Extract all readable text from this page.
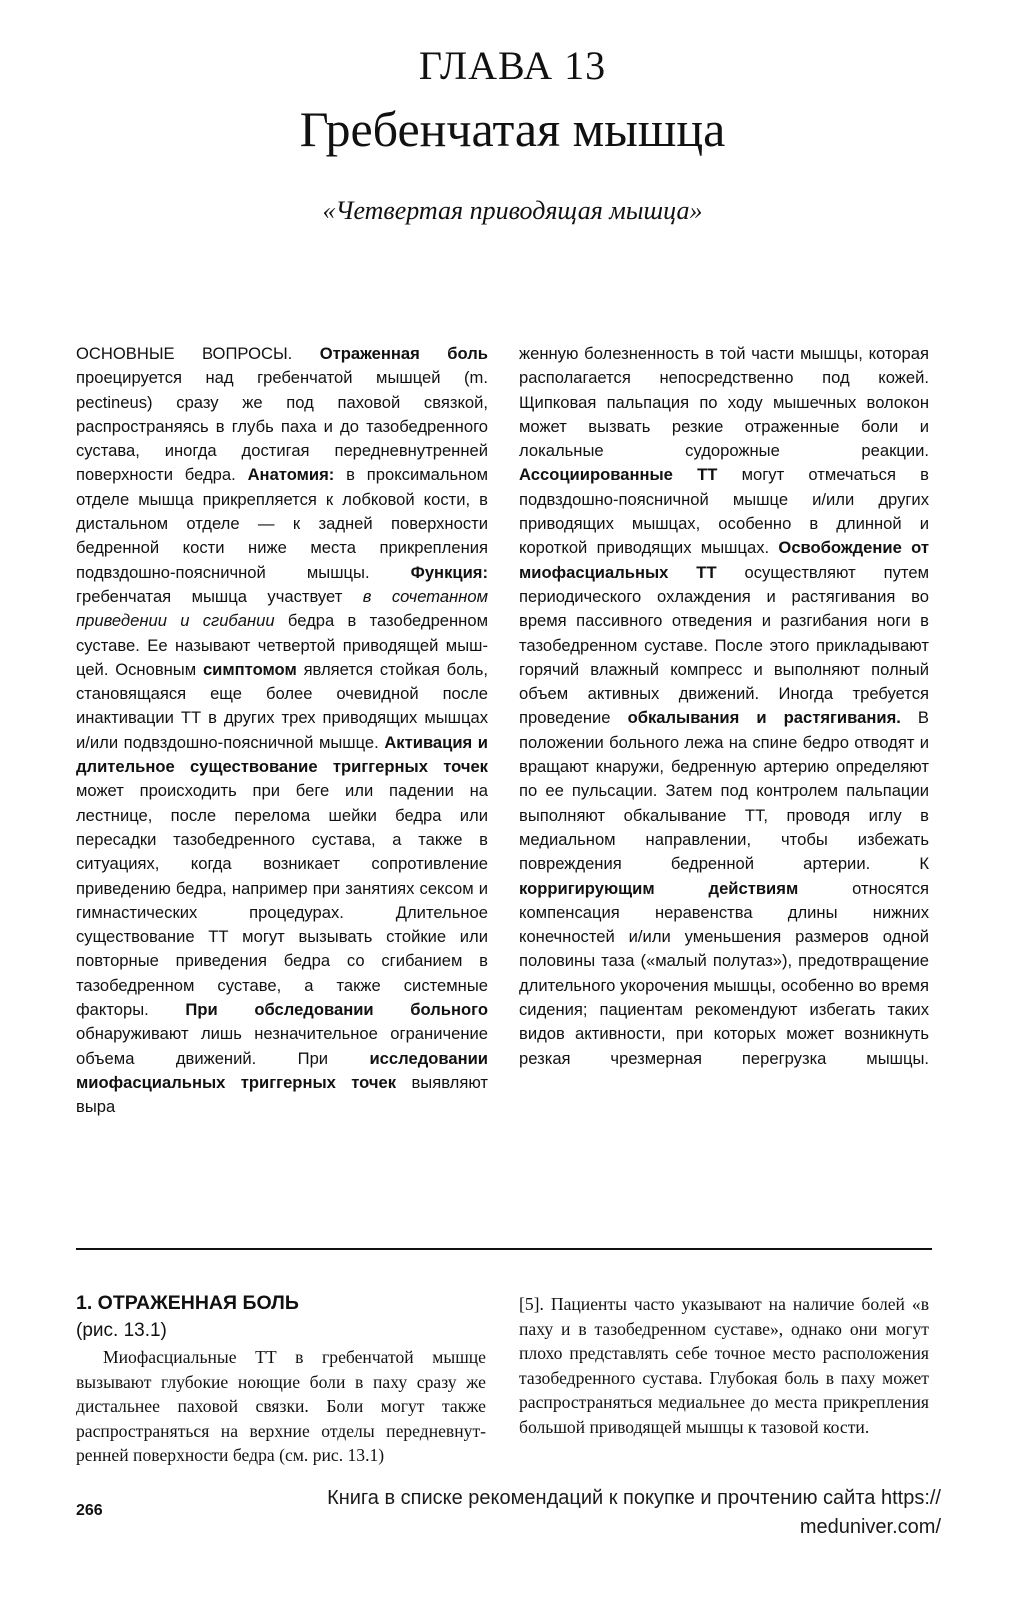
ГЛАВА 13
Гребенчатая мышца
«Четвертая приводящая мышца»

ОСНОВНЫЕ ВОПРОСЫ. Отраженная боль проецируется над гребенчатой мышцей (m. pectineus) сразу же под паховой связкой, распространяясь в глубь паха и до тазобедренного сустава, иногда достигая передневнутренней поверхности бедра. Анатомия: в проксимальном отделе мышца прикрепляется к лобковой кости, в дистальном отделе — к задней поверхности бедренной кости ниже места прикрепления подвздошно-поясничной мышцы. Функция: гребенчатая мышца участвует в сочетанном приведении и сгибании бедра в тазобедренном суставе. Ее называют четвертой приводящей мышцей. Основным симптомом является стойкая боль, становящаяся еще более очевидной после инактивации ТТ в других трех приводящих мышцах и/или подвздошно-поясничной мышце. Активация и длительное существование триггерных точек может происходить при беге или падении на лестнице, после перелома шейки бедра или пересадки тазобедренного сустава, а также в ситуациях, когда возникает сопротивление приведению бедра, например при занятиях сексом и гимнастических процедурах. Длительное существование ТТ могут вызывать стойкие или повторные приведения бедра со сгибанием в тазобедренном суставе, а также системные факторы. При обследовании больного обнаруживают лишь незначительное ограничение объема движений. При исследовании миофасциальных триггерных точек выявляют выра

женную болезненность в той части мышцы, которая располагается непосредственно под кожей. Щипковая пальпация по ходу мышечных волокон может вызвать резкие отраженные боли и локальные судорожные реакции. Ассоциированные ТТ могут отмечаться в подвздошно-поясничной мышце и/или других приводящих мышцах, особенно в длинной и короткой приводящих мышцах. Освобождение от миофасциальных ТТ осуществляют путем периодического охлаждения и растягивания во время пассивного отведения и разгибания ноги в тазобедренном суставе. После этого прикладывают горячий влажный компресс и выполняют полный объем активных движений. Иногда требуется проведение обкалывания и растягивания. В положении больного лежа на спине бедро отводят и вращают кнаружи, бедренную артерию определяют по ее пульсации. Затем под контролем пальпации выполняют обкалывание ТТ, проводя иглу в медиальном направлении, чтобы избежать повреждения бедренной артерии. К корригирующим действиям относятся компенсация неравенства длины нижних конечностей и/или уменьшения размеров одной половины таза («малый полутаз»), предотвращение длительного укорочения мышцы, особенно во время сидения; пациентам рекомендуют избегать таких видов активности, при которых может возникнуть резкая чрезмерная перегрузка мышцы.

1. ОТРАЖЕННАЯ БОЛЬ
(рис. 13.1)

Миофасциальные ТТ в гребенчатой мышце вызывают глубокие ноющие боли в паху сразу же дистальнее паховой связки. Боли могут также распространяться на верхние отделы передневнутренней поверхности бедра (см. рис. 13.1)

[5]. Пациенты часто указывают на наличие болей «в паху и в тазобедренном суставе», однако они могут плохо представлять себе точное место расположения тазобедренного сустава. Глубокая боль в паху может распространяться медиальнее до места прикрепления большой приводящей мышцы к тазовой кости.

266
Книга в списке рекомендаций к покупке и прочтению сайта https://
meduniver.com/
